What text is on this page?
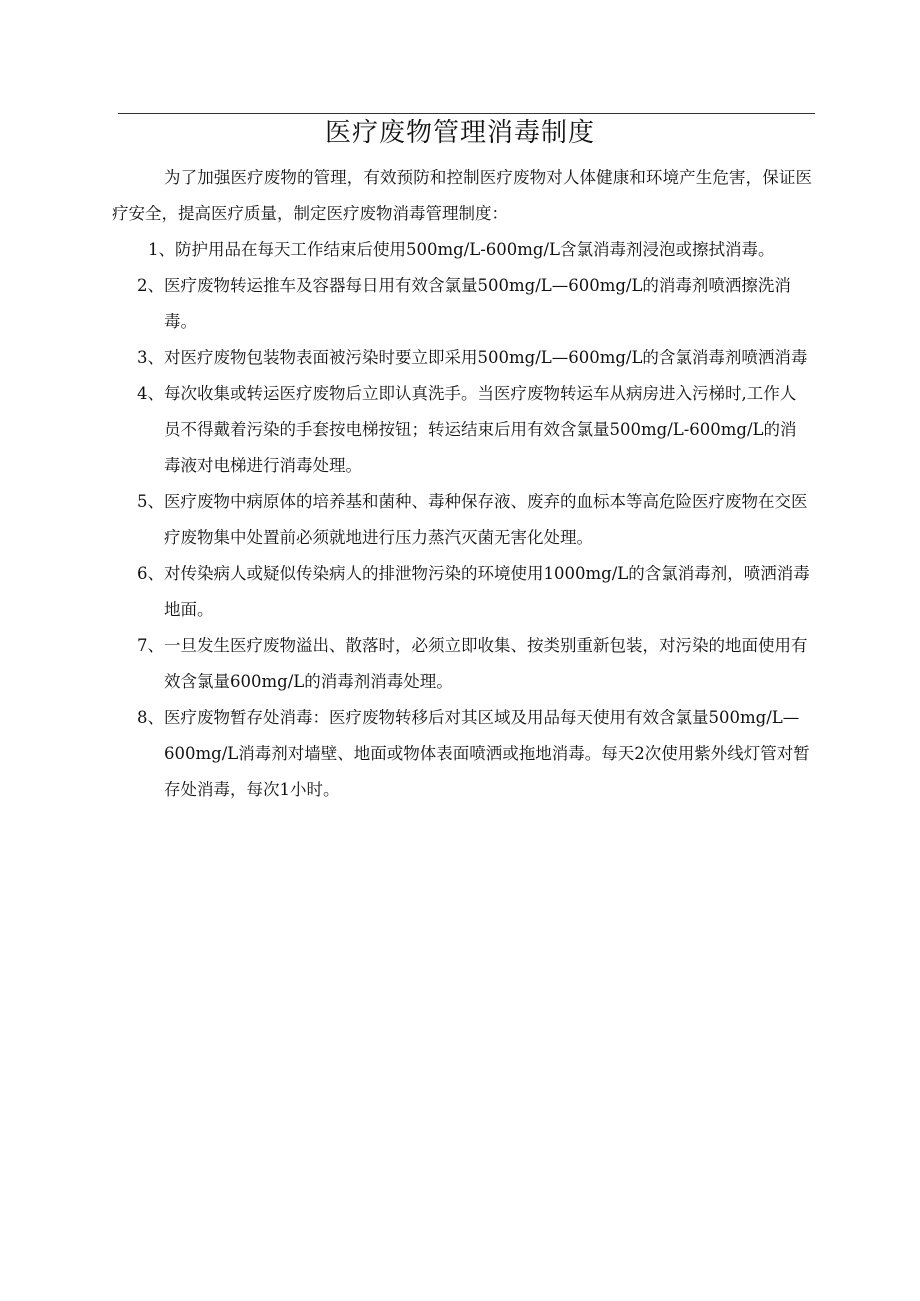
医疗废物管理消毒制度

为了加强医疗废物的管理，有效预防和控制医疗废物对人体健康和环境产生危害，保证医疗安全，提高医疗质量，制定医疗废物消毒管理制度：

1、防护用品在每天工作结束后使用500mg/L-600mg/L含氯消毒剂浸泡或擦拭消毒。
2、医疗废物转运推车及容器每日用有效含氯量500mg/L—600mg/L的消毒剂喷洒擦洗消毒。
3、对医疗废物包装物表面被污染时要立即采用500mg/L—600mg/L的含氯消毒剂喷洒消毒
4、每次收集或转运医疗废物后立即认真洗手。当医疗废物转运车从病房进入污梯时,工作人员不得戴着污染的手套按电梯按钮；转运结束后用有效含氯量500mg/L-600mg/L的消毒液对电梯进行消毒处理。
5、医疗废物中病原体的培养基和菌种、毒种保存液、废弃的血标本等高危险医疗废物在交医疗废物集中处置前必须就地进行压力蒸汽灭菌无害化处理。
6、对传染病人或疑似传染病人的排泄物污染的环境使用1000mg/L的含氯消毒剂，喷洒消毒地面。
7、一旦发生医疗废物溢出、散落时，必须立即收集、按类别重新包装，对污染的地面使用有效含氯量600mg/L的消毒剂消毒处理。
8、医疗废物暂存处消毒：医疗废物转移后对其区域及用品每天使用有效含氯量500mg/L—600mg/L消毒剂对墙壁、地面或物体表面喷洒或拖地消毒。每天2次使用紫外线灯管对暂存处消毒，每次1小时。
